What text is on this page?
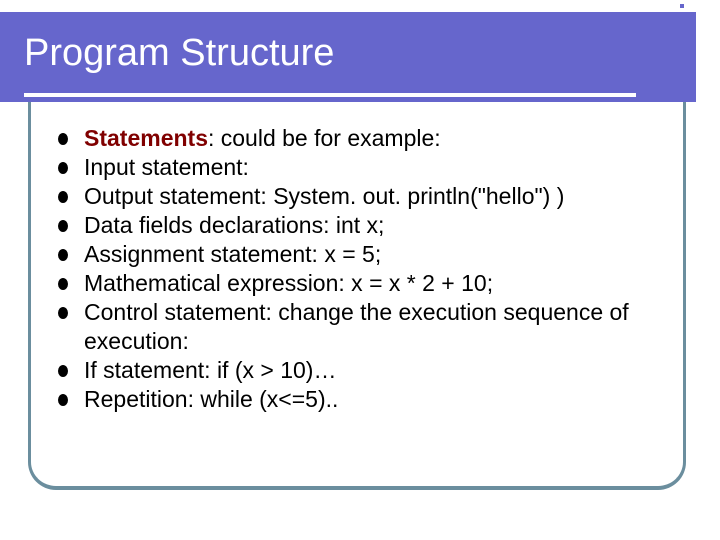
Program Structure
Statements: could be for example:
Input statement:
Output statement: System. out. println("hello") )
Data fields declarations: int x;
Assignment statement: x = 5;
Mathematical expression: x = x * 2 + 10;
Control statement: change the execution sequence of execution:
If statement: if (x > 10)…
Repetition: while (x<=5)..
